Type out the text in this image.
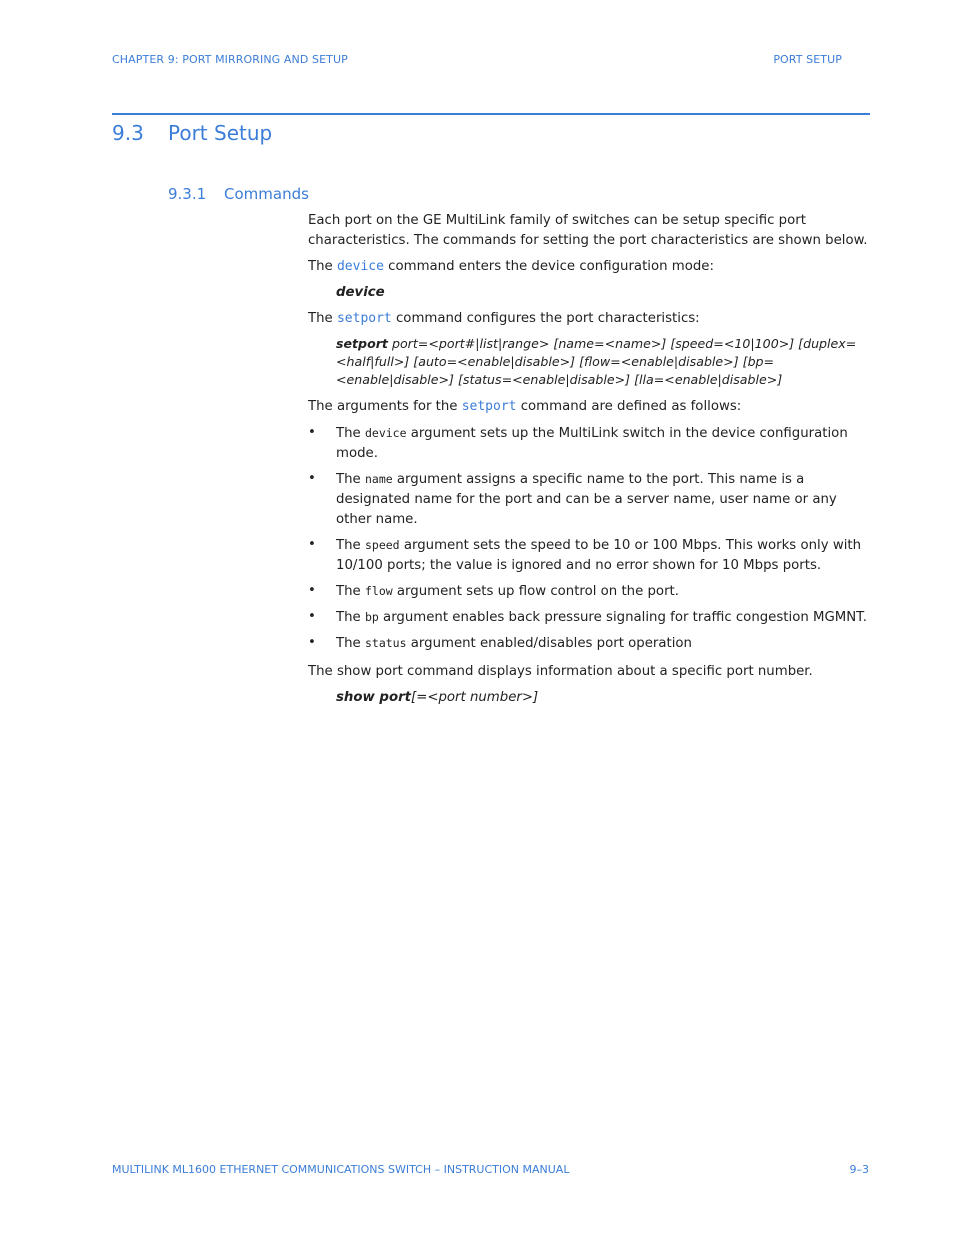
CHAPTER 9: PORT MIRRORING AND SETUP	PORT SETUP
9.3 Port Setup
9.3.1 Commands

Each port on the GE MultiLink family of switches can be setup specific port characteristics. The commands for setting the port characteristics are shown below.

The device command enters the device configuration mode:

device

The setport command configures the port characteristics:

setport port=<port#|list|range> [name=<name>] [speed=<10|100>] [duplex=<half|full>] [auto=<enable|disable>] [flow=<enable|disable>] [bp=<enable|disable>] [status=<enable|disable>] [lla=<enable|disable>]

The arguments for the setport command are defined as follows:

• The device argument sets up the MultiLink switch in the device configuration mode.
• The name argument assigns a specific name to the port. This name is a designated name for the port and can be a server name, user name or any other name.
• The speed argument sets the speed to be 10 or 100 Mbps. This works only with 10/100 ports; the value is ignored and no error shown for 10 Mbps ports.
• The flow argument sets up flow control on the port.
• The bp argument enables back pressure signaling for traffic congestion MGMNT.
• The status argument enabled/disables port operation

The show port command displays information about a specific port number.

show port[=<port number>]

MULTILINK ML1600 ETHERNET COMMUNICATIONS SWITCH – INSTRUCTION MANUAL	9–3
